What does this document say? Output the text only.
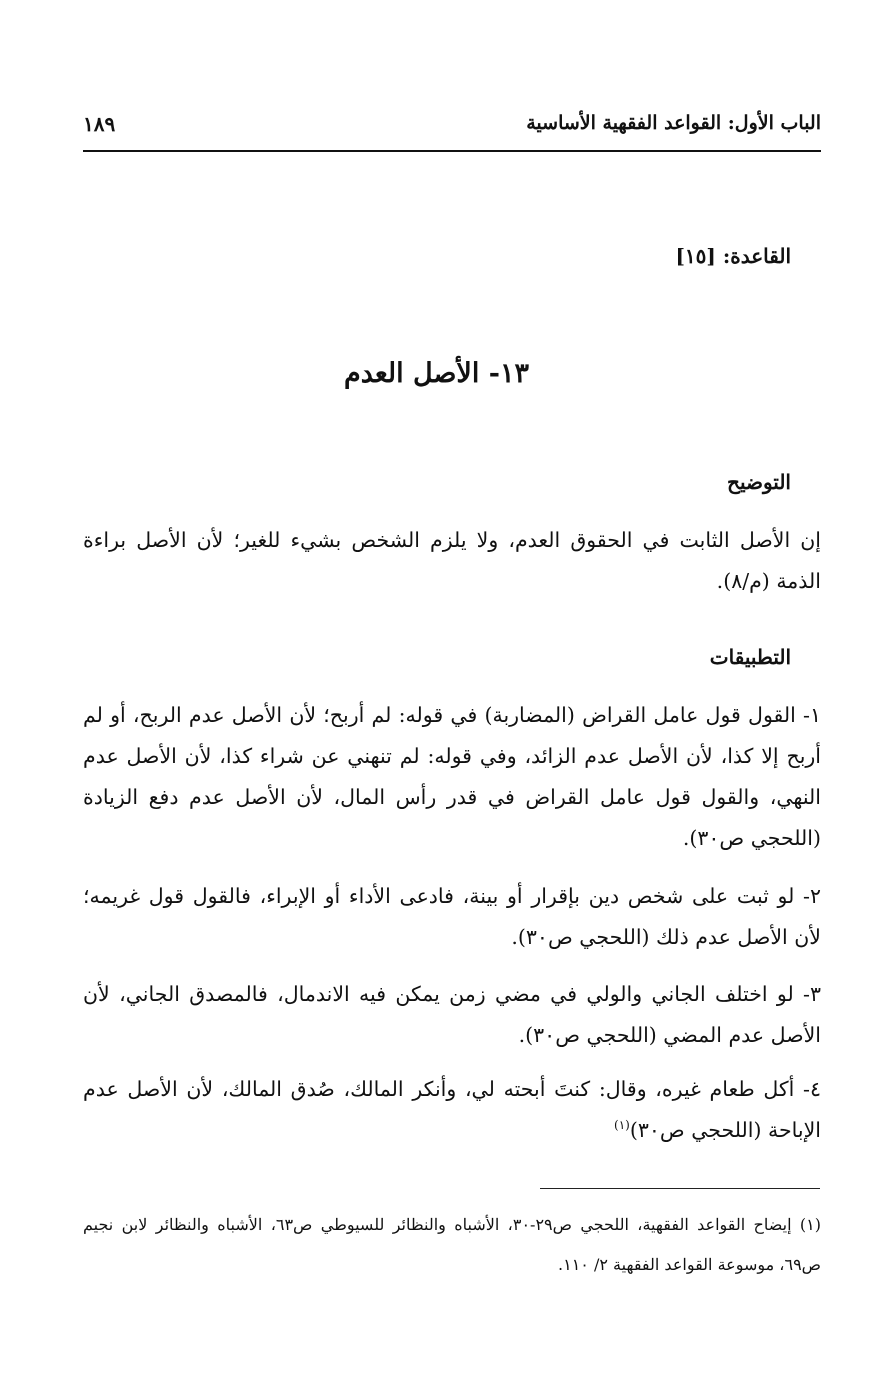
الباب الأول: القواعد الفقهية الأساسية
١٨٩
القاعدة: [١٥]
١٣- الأصل العدم
التوضيح
إن الأصل الثابت في الحقوق العدم، ولا يلزم الشخص بشيء للغير؛ لأن الأصل براءة الذمة (م/٨).
التطبيقات
١- القول قول عامل القراض (المضاربة) في قوله: لم أربح؛ لأن الأصل عدم الربح، أو لم أربح إلا كذا، لأن الأصل عدم الزائد، وفي قوله: لم تنهني عن شراء كذا، لأن الأصل عدم النهي، والقول قول عامل القراض في قدر رأس المال، لأن الأصل عدم دفع الزيادة (اللحجي ص٣٠).
٢- لو ثبت على شخص دين بإقرار أو بينة، فادعى الأداء أو الإبراء، فالقول قول غريمه؛ لأن الأصل عدم ذلك (اللحجي ص٣٠).
٣- لو اختلف الجاني والولي في مضي زمن يمكن فيه الاندمال، فالمصدق الجاني، لأن الأصل عدم المضي (اللحجي ص٣٠).
٤- أكل طعام غيره، وقال: كنتَ أبحته لي، وأنكر المالك، صُدق المالك، لأن الأصل عدم الإباحة (اللحجي ص٣٠)$^{(١)}$
(١) إيضاح القواعد الفقهية، اللحجي ص٢٩-٣٠، الأشباه والنظائر للسيوطي ص٦٣، الأشباه والنظائر لابن نجيم ص٦٩، موسوعة القواعد الفقهية ٢/ ١١٠.
